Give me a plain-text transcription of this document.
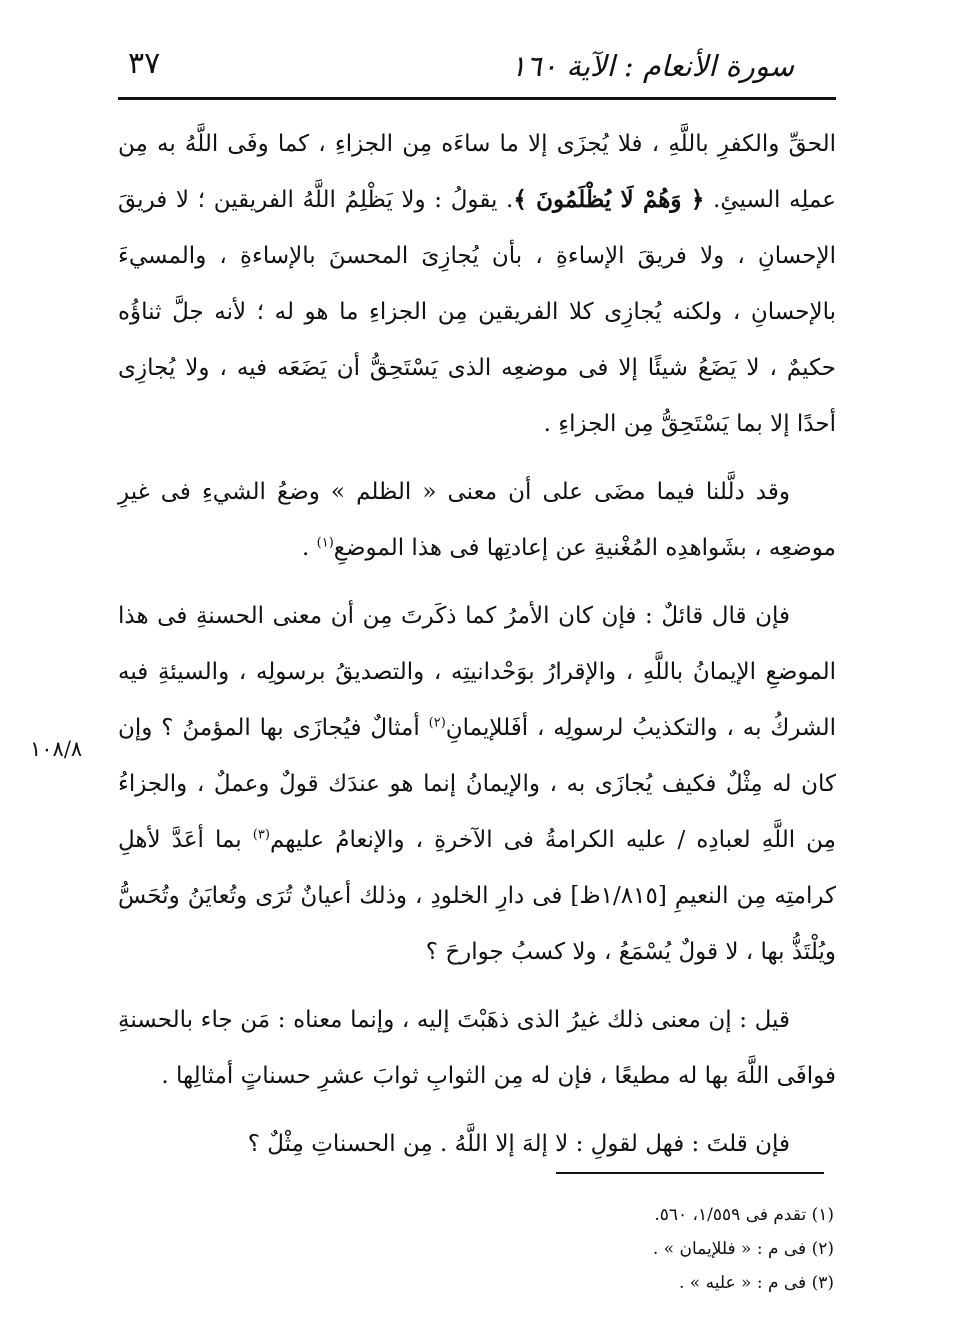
سورة الأنعام : الآية ١٦٠
٣٧

الحقِّ والكفرِ باللَّهِ ، فلا يُجزَى إلا ما ساءَه مِن الجزاءِ ، كما وفَى اللَّهُ به مِن عملِه السيئِ. ﴿ وَهُمْ لَا يُظْلَمُونَ ﴾. يقولُ : ولا يَظْلِمُ اللَّهُ الفريقين ؛ لا فريقَ الإحسانِ ، ولا فريقَ الإساءةِ ، بأن يُجازِىَ المحسنَ بالإساءةِ ، والمسيءَ بالإحسانِ ، ولكنه يُجازِى كلا الفريقين مِن الجزاءِ ما هو له ؛ لأنه جلَّ ثناؤُه حكيمٌ ، لا يَضَعُ شيئًا إلا فى موضعِه الذى يَسْتَحِقُّ أن يَضَعَه فيه ، ولا يُجازِى أحدًا إلا بما يَسْتَحِقُّ مِن الجزاءِ .

وقد دلَّلنا فيما مضَى على أن معنى « الظلم » وضعُ الشيءِ فى غيرِ موضعِه ، بشَواهدِه المُغْنيةِ عن إعادتِها فى هذا الموضعِ$^{(١)}$ .

فإن قال قائلٌ : فإن كان الأمرُ كما ذكَرتَ مِن أن معنى الحسنةِ فى هذا الموضعِ الإيمانُ باللَّهِ ، والإقرارُ بوَحْدانيتِه ، والتصديقُ برسولِه ، والسيئةِ فيه الشركُ به ، والتكذيبُ لرسولِه ، أفَللإيمانِ$^{(٢)}$ أمثالٌ فيُجازَى بها المؤمنُ ؟ وإن كان له مِثْلٌ فكيف يُجازَى به ، والإيمانُ إنما هو عندَك قولٌ وعملٌ ، والجزاءُ مِن اللَّهِ لعبادِه / عليه الكرامةُ فى الآخرةِ ، والإنعامُ عليهم$^{(٣)}$ بما أعَدَّ لأهلِ كرامتِه مِن النعيمِ [١/٨١٥ظ] فى دارِ الخلودِ ، وذلك أعيانٌ تُرَى وتُعايَنُ وتُحَسُّ ويُلْتَذُّ بها ، لا قولٌ يُسْمَعُ ، ولا كسبُ جوارحَ ؟

قيل : إن معنى ذلك غيرُ الذى ذهَبْتَ إليه ، وإنما معناه : مَن جاء بالحسنةِ فوافَى اللَّهَ بها له مطيعًا ، فإن له مِن الثوابِ ثوابَ عشرِ حسناتٍ أمثالِها .

فإن قلتَ : فهل لقولِ : لا إلهَ إلا اللَّهُ . مِن الحسناتِ مِثْلٌ ؟

١٠٨/٨

(١) تقدم فى ١/٥٥٩، ٥٦٠.

(٢) فى م : « فللإيمان » .

(٣) فى م : « عليه » .
